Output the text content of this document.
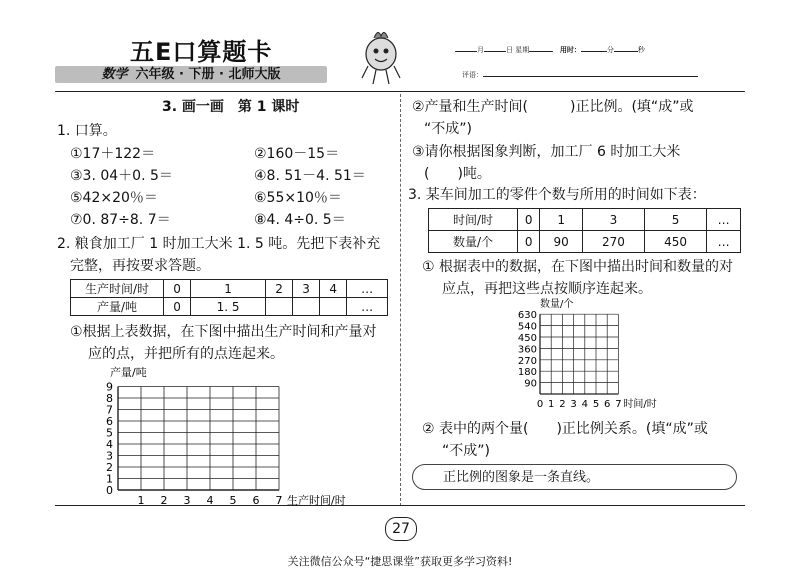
五E口算题卡
数学 六年级 · 下册 · 北师大版
月	日 星期	用时：	分	秒
评语：
3. 画一画　第 1 课时
1. 口算。
①17＋122＝	②160－15＝
③3. 04＋0. 5＝	④8. 51－4. 51＝
⑤42×20％＝	⑥55×10％＝
⑦0. 87÷8. 7＝	⑧4. 4÷0. 5＝
2. 粮食加工厂 1 时加工大米 1. 5 吨。先把下表补充
完整，再按要求答题。
生产时间/时	0	1	2	3	4	…
产量/吨	0	1. 5				…
①根据上表数据，在下图中描出生产时间和产量对
应的点，并把所有的点连起来。
0
1
2
3
4
5
6
7
8
9
1 2 3 4 5 6 7
产量/吨
生产时间/时
②产量和生产时间(　　　)正比例。(填“成”或
“不成”)
③请你根据图象判断，加工厂 6 时加工大米
(　　)吨。
3. 某车间加工的零件个数与所用的时间如下表：
时间/时	0	1	3	5	…
数量/个	0	90	270	450	…
① 根据表中的数据，在下图中描出时间和数量的对
应点，再把这些点按顺序连起来。
90
180
270
360
450
540
630
0 1 2 3 4 5 6 7
数量/个
时间/时
② 表中的两个量(　　)正比例关系。(填“成”或
“不成”)
正比例的图象是一条直线。
27
关注微信公众号“捷思课堂”获取更多学习资料!
